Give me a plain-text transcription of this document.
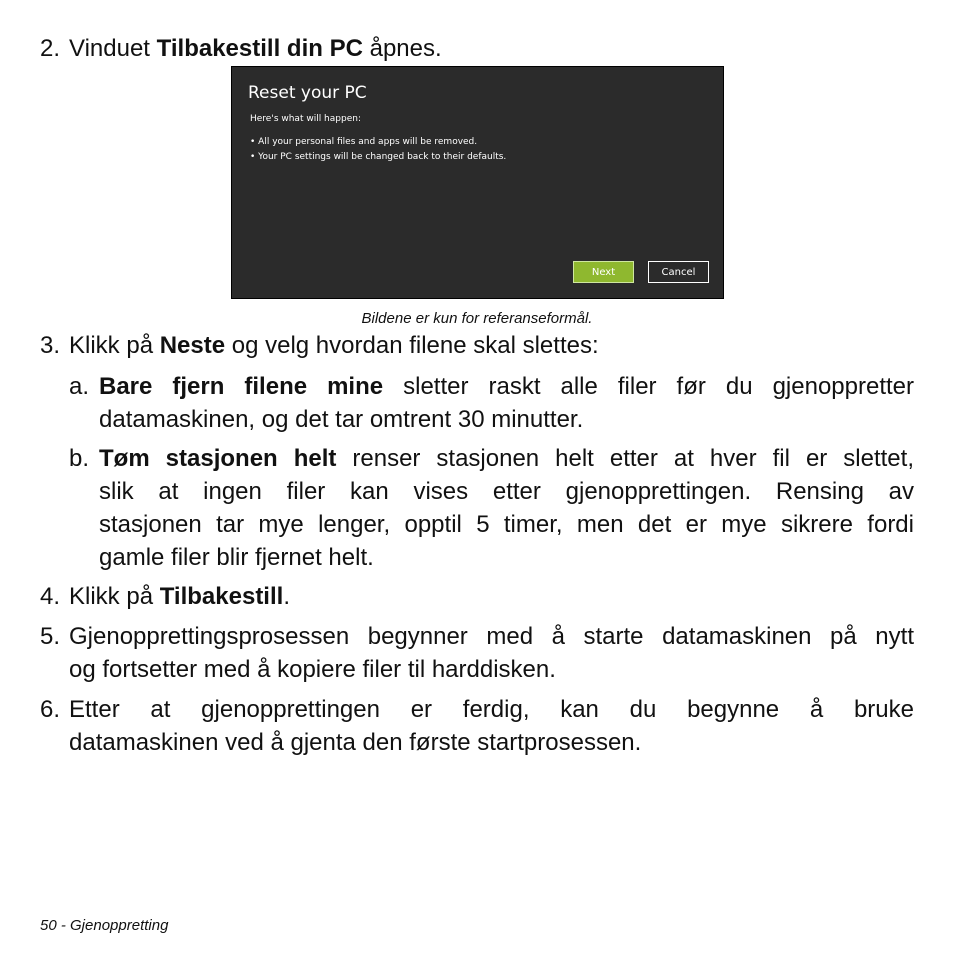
2. Vinduet Tilbakestill din PC åpnes.
Reset your PC
Here's what will happen:
• All your personal files and apps will be removed.
• Your PC settings will be changed back to their defaults.
Next	Cancel
Bildene er kun for referanseformål.
3. Klikk på Neste og velg hvordan filene skal slettes:
a. Bare fjern filene mine sletter raskt alle filer før du gjenoppretter
datamaskinen, og det tar omtrent 30 minutter.
b. Tøm stasjonen helt renser stasjonen helt etter at hver fil er slettet,
slik at ingen filer kan vises etter gjenopprettingen. Rensing av
stasjonen tar mye lenger, opptil 5 timer, men det er mye sikrere fordi
gamle filer blir fjernet helt.
4. Klikk på Tilbakestill.
5. Gjenopprettingsprosessen begynner med å starte datamaskinen på nytt
og fortsetter med å kopiere filer til harddisken.
6. Etter at gjenopprettingen er ferdig, kan du begynne å bruke
datamaskinen ved å gjenta den første startprosessen.
50 - Gjenoppretting
